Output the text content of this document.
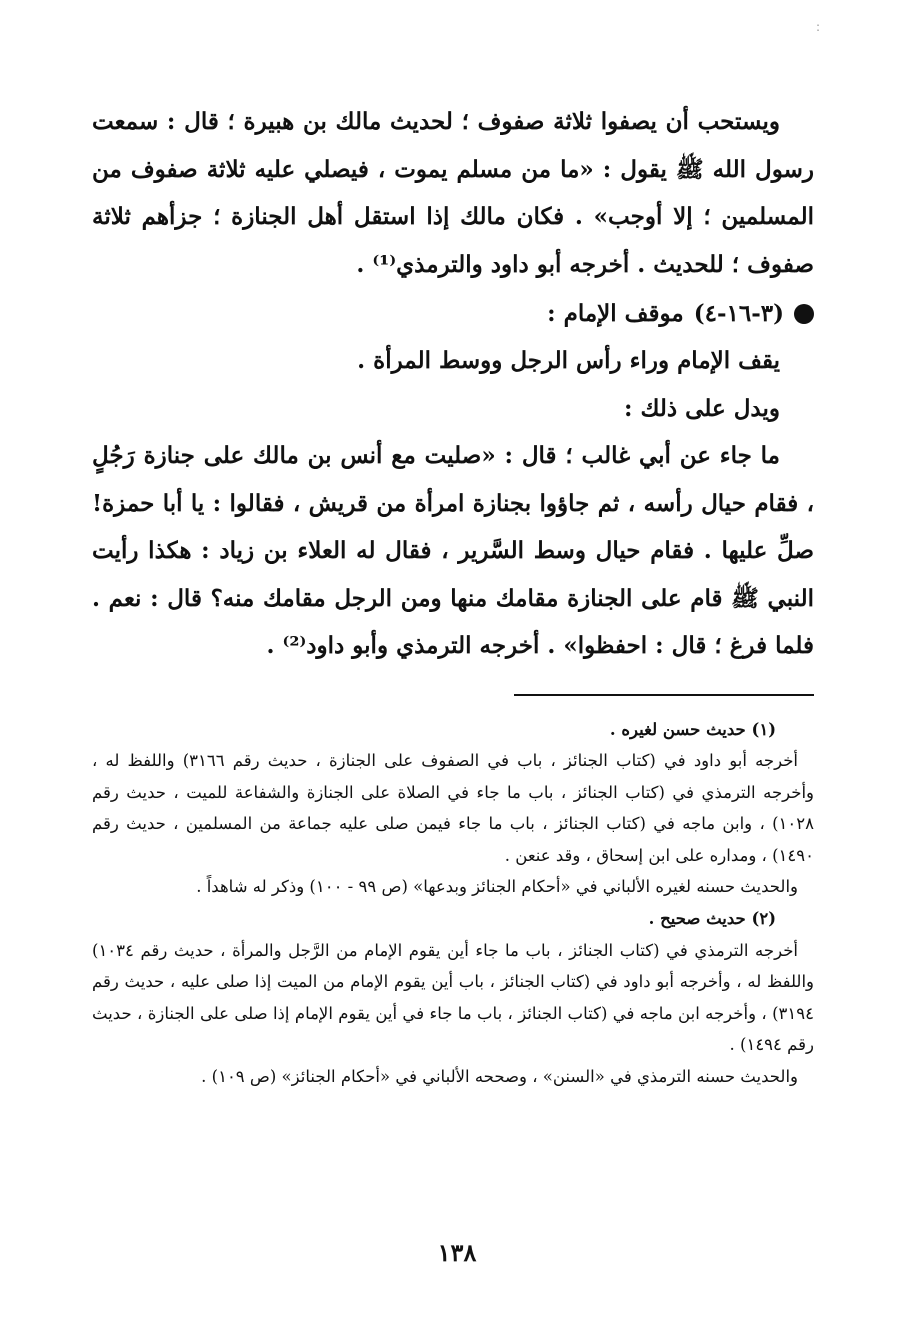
:

ويستحب أن يصفوا ثلاثة صفوف ؛ لحديث مالك بن هبيرة ؛ قال : سمعت رسول الله ﷺ يقول : «ما من مسلم يموت ، فيصلي عليه ثلاثة صفوف من المسلمين ؛ إلا أوجب» . فكان مالك إذا استقل أهل الجنازة ؛ جزأهم ثلاثة صفوف ؛ للحديث . أخرجه أبو داود والترمذي⁽¹⁾ .

(٣-١٦-٤)
موقف الإمام :

يقف الإمام وراء رأس الرجل ووسط المرأة .

ويدل على ذلك :

ما جاء عن أبي غالب ؛ قال : «صليت مع أنس بن مالك على جنازة رَجُلٍ ، فقام حيال رأسه ، ثم جاؤوا بجنازة امرأة من قريش ، فقالوا : يا أبا حمزة! صلِّ عليها . فقام حيال وسط السَّرير ، فقال له العلاء بن زياد : هكذا رأيت النبي ﷺ قام على الجنازة مقامك منها ومن الرجل مقامك منه؟ قال : نعم . فلما فرغ ؛ قال : احفظوا» . أخرجه الترمذي وأبو داود⁽²⁾ .

(١) حديث حسن لغيره .

أخرجه أبو داود في (كتاب الجنائز ، باب في الصفوف على الجنازة ، حديث رقم ٣١٦٦) واللفظ له ، وأخرجه الترمذي في (كتاب الجنائز ، باب ما جاء في الصلاة على الجنازة والشفاعة للميت ، حديث رقم ١٠٢٨) ، وابن ماجه في (كتاب الجنائز ، باب ما جاء فيمن صلى عليه جماعة من المسلمين ، حديث رقم ١٤٩٠) ، ومداره على ابن إسحاق ، وقد عنعن .

والحديث حسنه لغيره الألباني في «أحكام الجنائز وبدعها» (ص ٩٩ - ١٠٠) وذكر له شاهداً .

(٢) حديث صحيح .

أخرجه الترمذي في (كتاب الجنائز ، باب ما جاء أين يقوم الإمام من الرَّجل والمرأة ، حديث رقم ١٠٣٤) واللفظ له ، وأخرجه أبو داود في (كتاب الجنائز ، باب أين يقوم الإمام من الميت إذا صلى عليه ، حديث رقم ٣١٩٤) ، وأخرجه ابن ماجه في (كتاب الجنائز ، باب ما جاء في أين يقوم الإمام إذا صلى على الجنازة ، حديث رقم ١٤٩٤) .

والحديث حسنه الترمذي في «السنن» ، وصححه الألباني في «أحكام الجنائز» (ص ١٠٩) .

١٣٨
